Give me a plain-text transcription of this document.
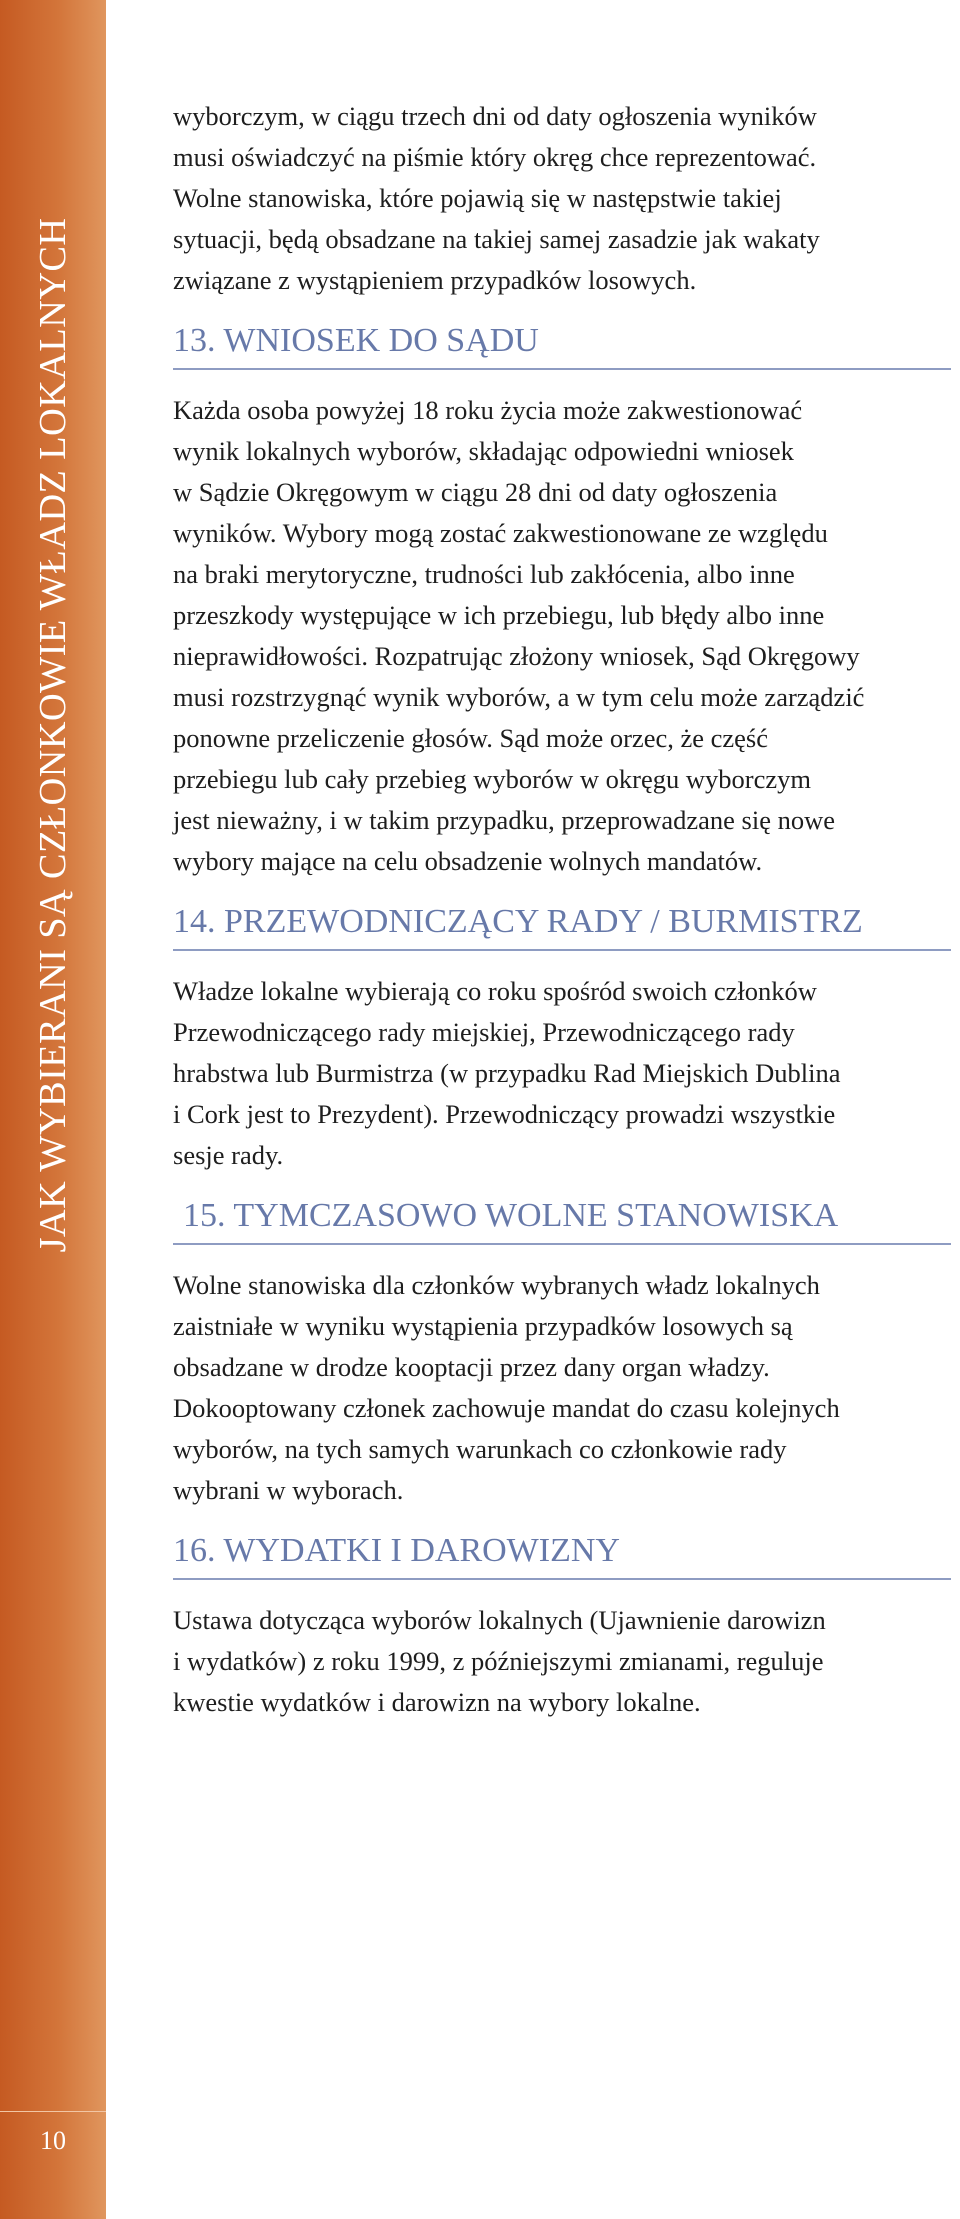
JAK WYBIERANI SĄ CZŁONKOWIE WŁADZ LOKALNYCH
10

wyborczym, w ciągu trzech dni od daty ogłoszenia wyników
musi oświadczyć na piśmie który okręg chce reprezentować.
Wolne stanowiska, które pojawią się w następstwie takiej
sytuacji, będą obsadzane na takiej samej zasadzie jak wakaty
związane z wystąpieniem przypadków losowych.

13. WNIOSEK DO SĄDU

Każda osoba powyżej 18 roku życia może zakwestionować
wynik lokalnych wyborów, składając odpowiedni wniosek
w Sądzie Okręgowym w ciągu 28 dni od daty ogłoszenia
wyników. Wybory mogą zostać zakwestionowane ze względu
na braki merytoryczne, trudności lub zakłócenia, albo inne
przeszkody występujące w ich przebiegu, lub błędy albo inne
nieprawidłowości. Rozpatrując złożony wniosek, Sąd Okręgowy
musi rozstrzygnąć wynik wyborów, a w tym celu może zarządzić
ponowne przeliczenie głosów. Sąd może orzec, że część
przebiegu lub cały przebieg wyborów w okręgu wyborczym
jest nieważny, i w takim przypadku, przeprowadzane się nowe
wybory mające na celu obsadzenie wolnych mandatów.

14. PRZEWODNICZĄCY RADY / BURMISTRZ

Władze lokalne wybierają co roku spośród swoich członków
Przewodniczącego rady miejskiej, Przewodniczącego rady
hrabstwa lub Burmistrza (w przypadku Rad Miejskich Dublina
i Cork jest to Prezydent). Przewodniczący prowadzi wszystkie
sesje rady.

15. TYMCZASOWO WOLNE STANOWISKA

Wolne stanowiska dla członków wybranych władz lokalnych
zaistniałe w wyniku wystąpienia przypadków losowych są
obsadzane w drodze kooptacji przez dany organ władzy.
Dokooptowany członek zachowuje mandat do czasu kolejnych
wyborów, na tych samych warunkach co członkowie rady
wybrani w wyborach.

16. WYDATKI I DAROWIZNY

Ustawa dotycząca wyborów lokalnych (Ujawnienie darowizn
i wydatków) z roku 1999, z późniejszymi zmianami, reguluje
kwestie wydatków i darowizn na wybory lokalne.
